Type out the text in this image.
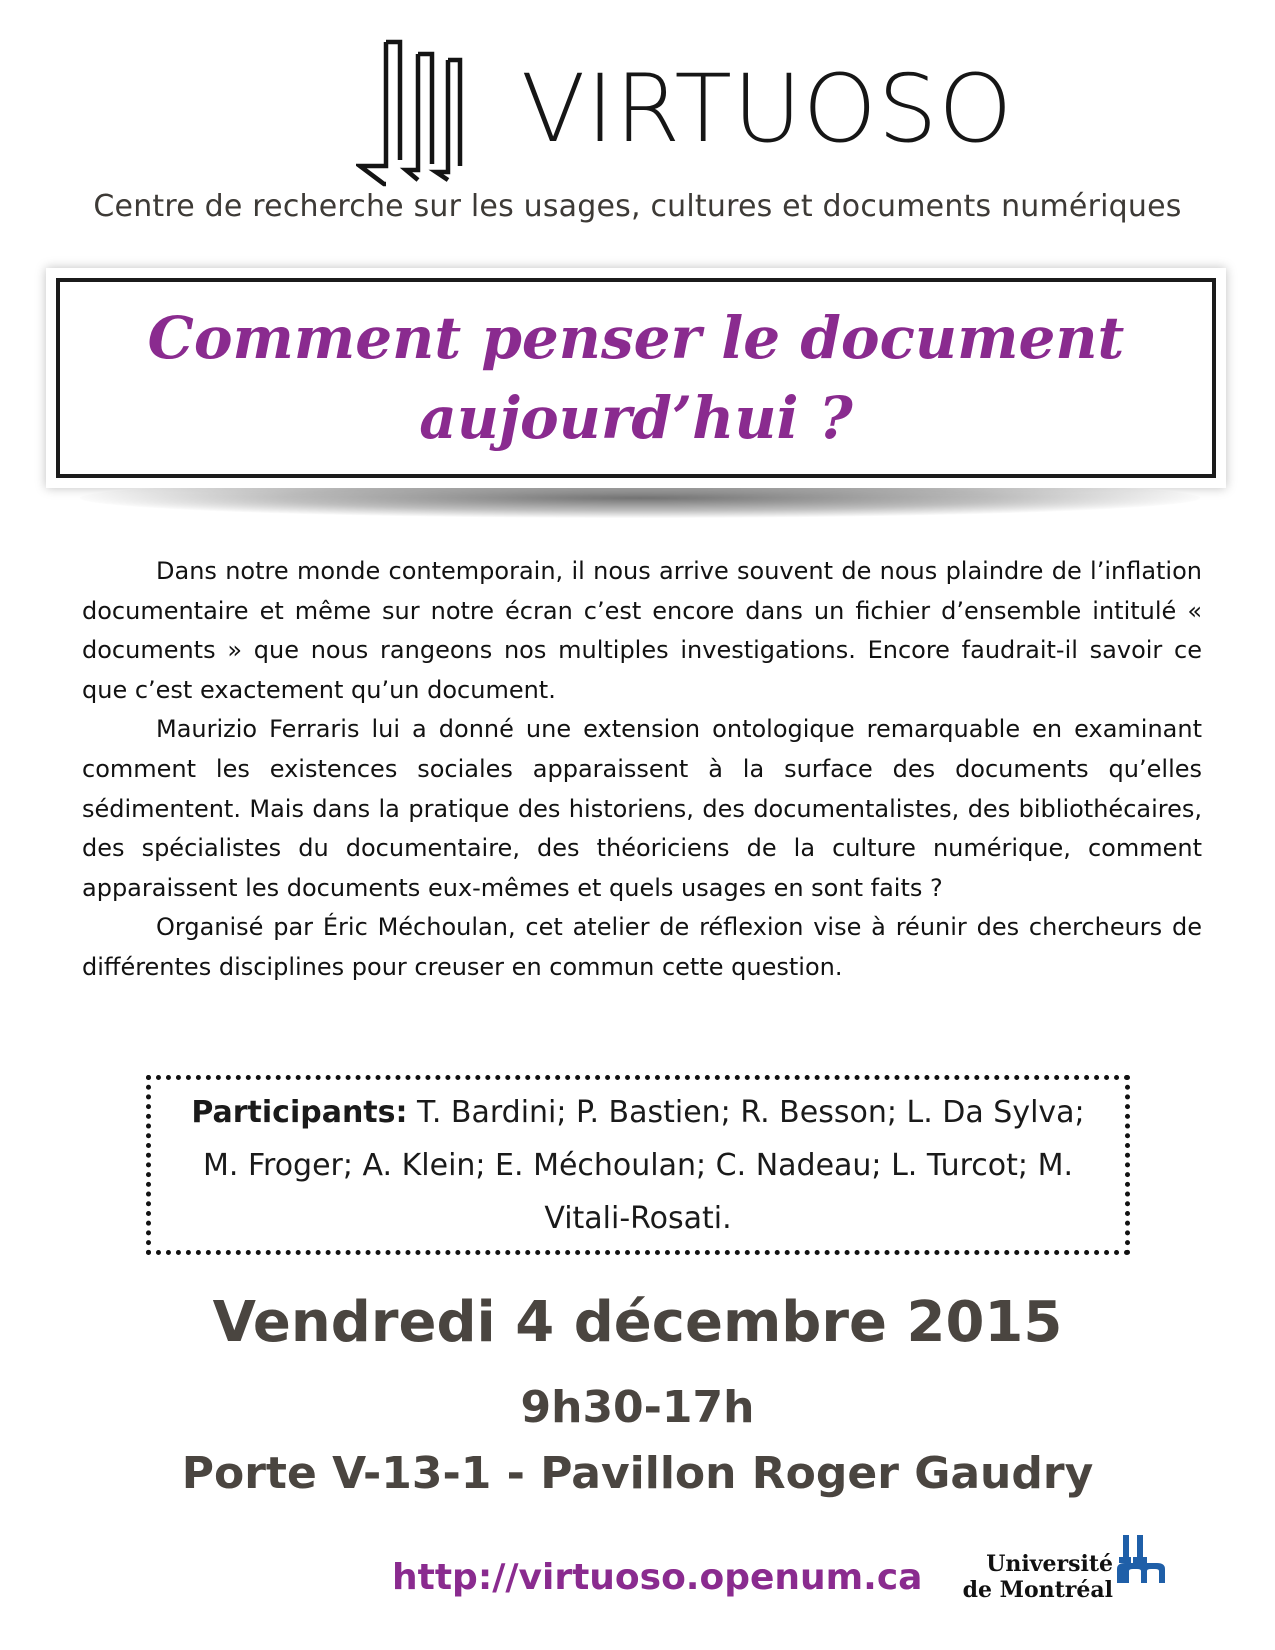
VIRTUOSO
Centre de recherche sur les usages, cultures et documents numériques
Comment penser le document
aujourd’hui ?

Dans notre monde contemporain, il nous arrive souvent de nous plaindre de l’inflation documentaire et même sur notre écran c’est encore dans un fichier d’ensemble intitulé « documents » que nous rangeons nos multiples investigations. Encore faudrait-il savoir ce que c’est exactement qu’un document.

Maurizio Ferraris lui a donné une extension ontologique remarquable en examinant comment les existences sociales apparaissent à la surface des documents qu’elles sédimentent. Mais dans la pratique des historiens, des documentalistes, des bibliothécaires, des spécialistes du documentaire, des théoriciens de la culture numérique, comment apparaissent les documents eux-mêmes et quels usages en sont faits ?

Organisé par Éric Méchoulan, cet atelier de réflexion vise à réunir des chercheurs de différentes disciplines pour creuser en commun cette question.

Participants: T. Bardini; P. Bastien; R. Besson; L. Da Sylva; M. Froger; A. Klein; E. Méchoulan; C. Nadeau; L. Turcot; M. Vitali-Rosati.
Vendredi 4 décembre 2015
9h30-17h
Porte V-13-1 - Pavillon Roger Gaudry
http://virtuoso.openum.ca	Université
de Montréal
